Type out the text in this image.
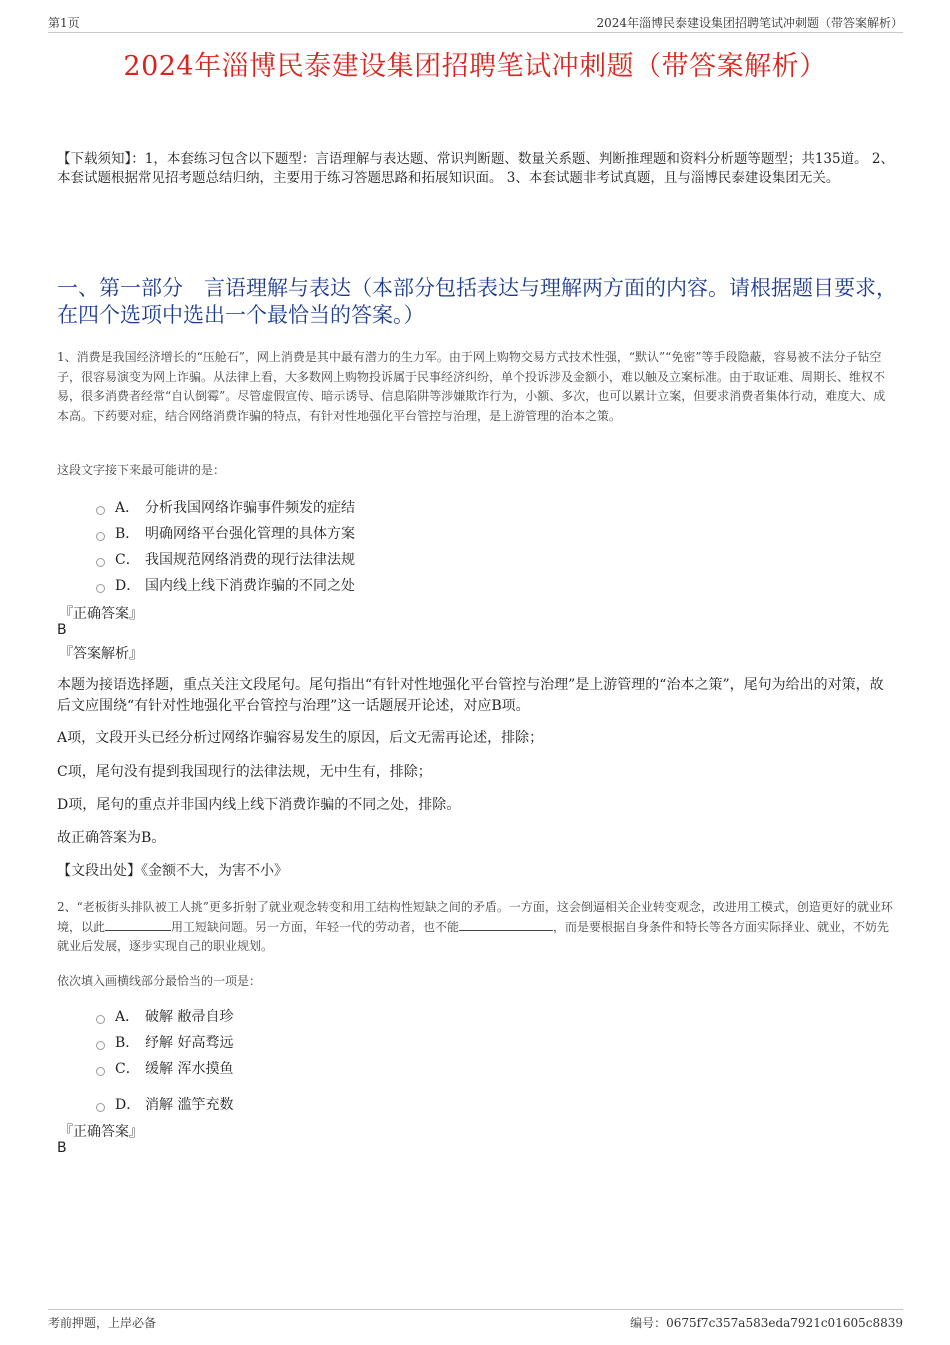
第1页	2024年淄博民泰建设集团招聘笔试冲刺题（带答案解析）
2024年淄博民泰建设集团招聘笔试冲刺题（带答案解析）
【下载须知】：1，本套练习包含以下题型：言语理解与表达题、常识判断题、数量关系题、判断推理题和资料分析题等题型；共135道。 2、本套试题根据常见招考题总结归纳，主要用于练习答题思路和拓展知识面。 3、本套试题非考试真题，且与淄博民泰建设集团无关。
一、第一部分　言语理解与表达（本部分包括表达与理解两方面的内容。请根据题目要求，在四个选项中选出一个最恰当的答案。）
1、消费是我国经济增长的“压舱石”，网上消费是其中最有潜力的生力军。由于网上购物交易方式技术性强，“默认”“免密”等手段隐蔽，容易被不法分子钻空子，很容易演变为网上诈骗。从法律上看，大多数网上购物投诉属于民事经济纠纷，单个投诉涉及金额小，难以触及立案标准。由于取证难、周期长、维权不易，很多消费者经常“自认倒霉”。尽管虚假宣传、暗示诱导、信息陷阱等涉嫌欺诈行为，小额、多次，也可以累计立案，但要求消费者集体行动，难度大、成本高。下药要对症，结合网络消费诈骗的特点，有针对性地强化平台管控与治理，是上游管理的治本之策。
这段文字接下来最可能讲的是：
A． 分析我国网络诈骗事件频发的症结
B． 明确网络平台强化管理的具体方案
C． 我国规范网络消费的现行法律法规
D． 国内线上线下消费诈骗的不同之处
『正确答案』
B
『答案解析』
本题为接语选择题，重点关注文段尾句。尾句指出“有针对性地强化平台管控与治理”是上游管理的“治本之策”，尾句为给出的对策，故后文应围绕“有针对性地强化平台管控与治理”这一话题展开论述，对应B项。
A项，文段开头已经分析过网络诈骗容易发生的原因，后文无需再论述，排除；
C项，尾句没有提到我国现行的法律法规，无中生有，排除；
D项，尾句的重点并非国内线上线下消费诈骗的不同之处，排除。
故正确答案为B。
【文段出处】《金额不大，为害不小》
2、“老板街头排队被工人挑”更多折射了就业观念转变和用工结构性短缺之间的矛盾。一方面，这会倒逼相关企业转变观念，改进用工模式，创造更好的就业环境，以此	用工短缺问题。另一方面，年轻一代的劳动者，也不能	，而是要根据自身条件和特长等各方面实际择业、就业，不妨先就业后发展，逐步实现自己的职业规划。
依次填入画横线部分最恰当的一项是：
A． 破解 敝帚自珍
B． 纾解 好高骛远
C． 缓解 浑水摸鱼
D． 消解 滥竽充数
『正确答案』
B
考前押题，上岸必备	编号：0675f7c357a583eda7921c01605c8839
